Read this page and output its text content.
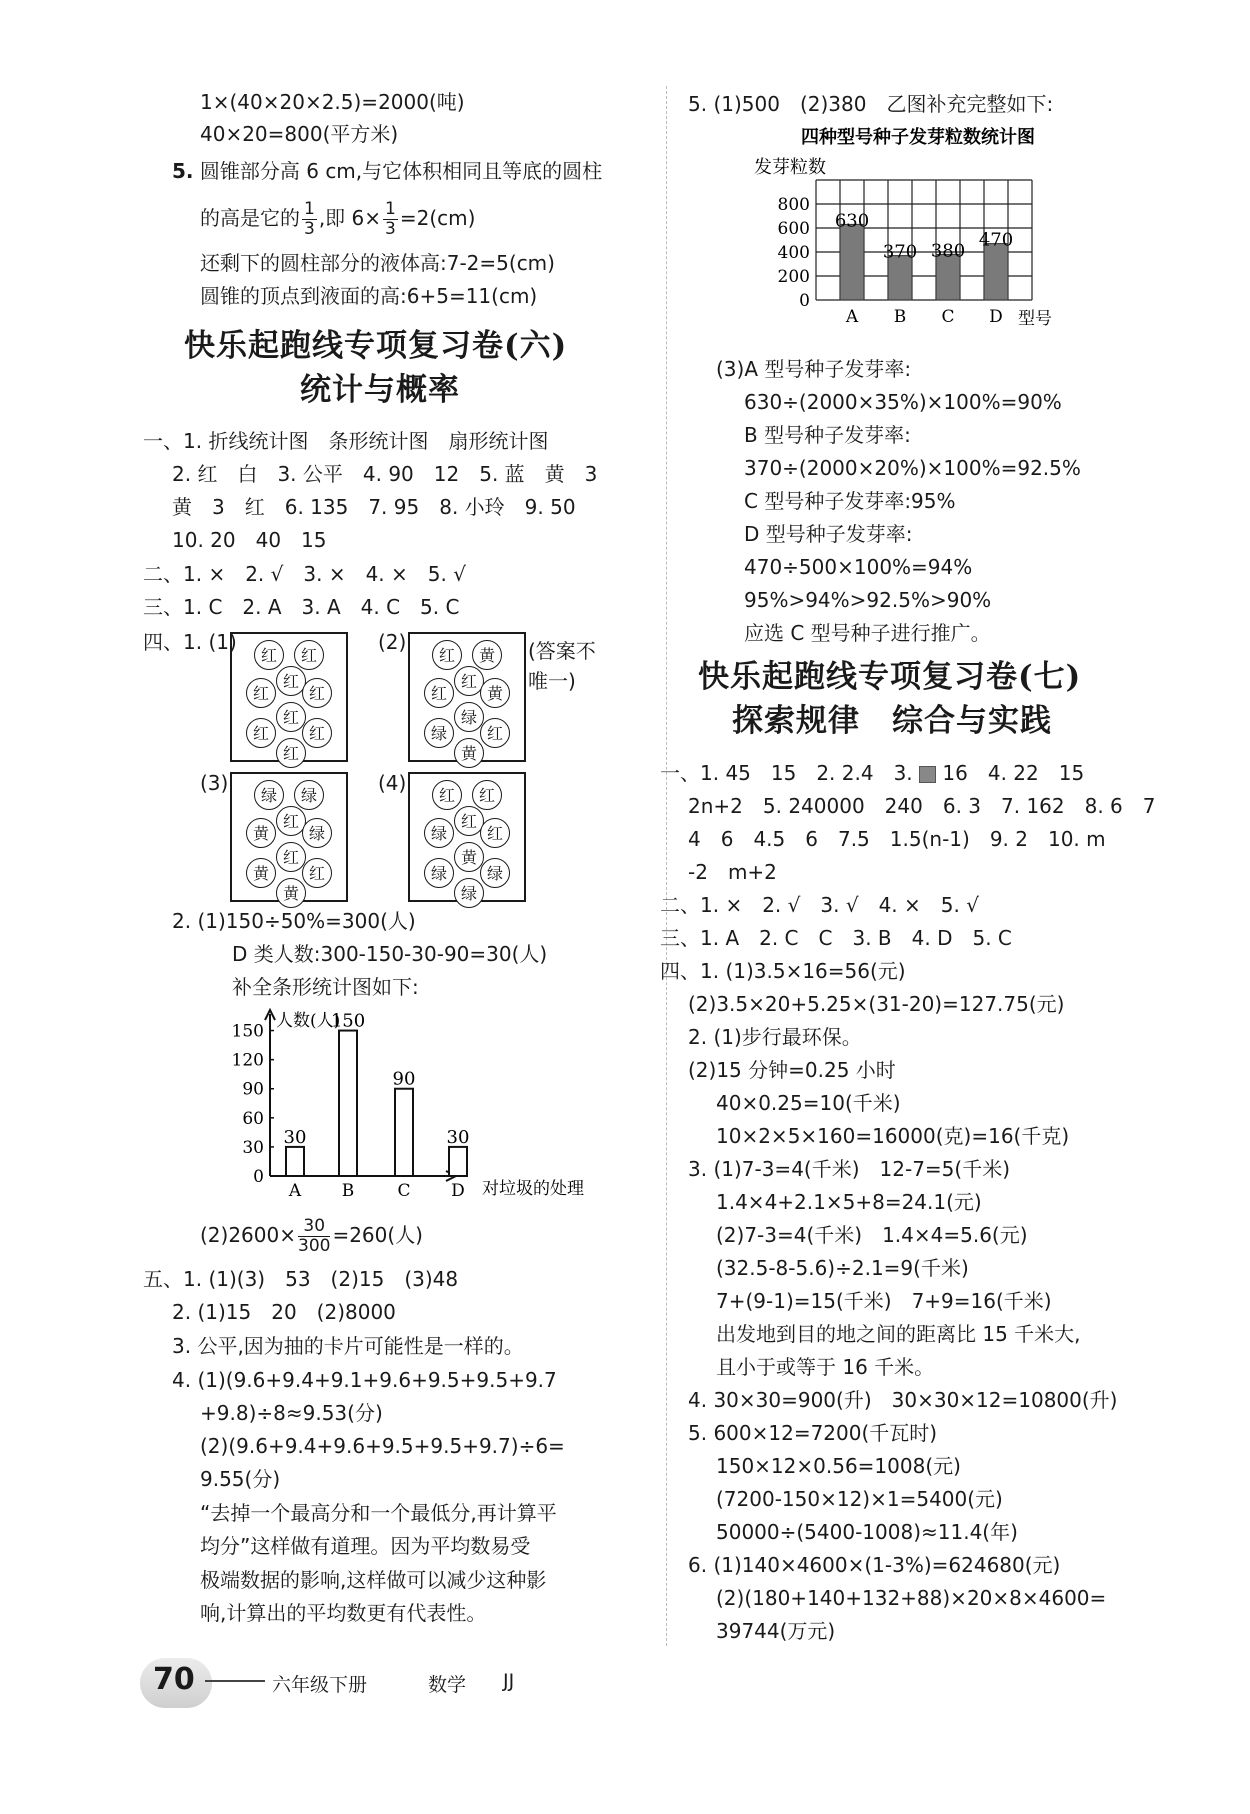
1×(40×20×2.5)=2000(吨)
40×20=800(平方米)
5. 圆锥部分高 6 cm,与它体积相同且等底的圆柱
的高是它的 $\frac{1}{3}$ ,即 $6\times \frac{1}{3} =2(cm)$
还剩下的圆柱部分的液体高:7-2=5(cm)
圆锥的顶点到液面的高:6+5=11(cm)
快乐起跑线专项复习卷(六)
统计与概率
一、1. 折线统计图　条形统计图　扇形统计图
2. 红　白　3. 公平　4. 90　12　5. 蓝　黄　3
黄　3　红　6. 135　7. 95　8. 小玲　9. 50
10. 20　40　15
二、1. ×　2. √　3. ×　4. ×　5. √
三、1. C　2. A　3. A　4. C　5. C
四、1. (1)	(2)	(答案不唯一)
(3)	(4)
红	红
红
红
红
红
红
红
红
红	黄
红
红
黄
绿
绿
红
黄
绿	绿
黄
红
绿
黄
红
红
黄
红	红
绿
红
红
绿
黄
绿
绿
2. (1)150÷50%=300(人)
D 类人数:300-150-30-90=30(人)
补全条形统计图如下:
人数(人)
对垃圾的处理
0
30
60
90
120
150
30
A
150
B
90
C
30
D
$(2)2600\times \frac{30}{300} =260$(人)
五、1. (1)(3)　53　(2)15　(3)48
2. (1)15　20　(2)8000
3. 公平,因为抽的卡片可能性是一样的。
4. (1)(9.6+9.4+9.1+9.6+9.5+9.5+9.7
+9.8)÷8≈9.53(分)
(2)(9.6+9.4+9.6+9.5+9.5+9.7)÷6=
9.55(分)
“去掉一个最高分和一个最低分,再计算平
均分”这样做有道理。因为平均数易受
极端数据的影响,这样做可以减少这种影
响,计算出的平均数更有代表性。
5. (1)500　(2)380　乙图补充完整如下:
四种型号种子发芽粒数统计图
发芽粒数
0
200
400
600
800
630
A
370
B
380
C
470
D 型号
(3)A 型号种子发芽率:
630÷(2000×35%)×100%=90%
B 型号种子发芽率:
370÷(2000×20%)×100%=92.5%
C 型号种子发芽率:95%
D 型号种子发芽率:
470÷500×100%=94%
95%>94%>92.5%>90%
应选 C 型号种子进行推广。
快乐起跑线专项复习卷(七)
探索规律　综合与实践
一、1. 45　15　2. 2.4　3. 16　4. 22　15
2n+2　5. 240000　240　6. 3　7. 162　8. 6　7
4　6　4.5　6　7.5　1.5(n-1)　9. 2　10. m
-2　m+2
二、1. ×　2. √　3. √　4. ×　5. √
三、1. A　2. C　C　3. B　4. D　5. C
四、1. (1)3.5×16=56(元)
(2)3.5×20+5.25×(31-20)=127.75(元)
2. (1)步行最环保。
(2)15 分钟=0.25 小时
40×0.25=10(千米)
10×2×5×160=16000(克)=16(千克)
3. (1)7-3=4(千米)　12-7=5(千米)
1.4×4+2.1×5+8=24.1(元)
(2)7-3=4(千米)　1.4×4=5.6(元)
(32.5-8-5.6)÷2.1=9(千米)
7+(9-1)=15(千米)　7+9=16(千米)
出发地到目的地之间的距离比 15 千米大,
且小于或等于 16 千米。
4. 30×30=900(升)　30×30×12=10800(升)
5. 600×12=7200(千瓦时)
150×12×0.56=1008(元)
(7200-150×12)×1=5400(元)
50000÷(5400-1008)≈11.4(年)
6. (1)140×4600×(1-3%)=624680(元)
(2)(180+140+132+88)×20×8×4600=
39744(万元)
70	六年级下册	数学 JJ
